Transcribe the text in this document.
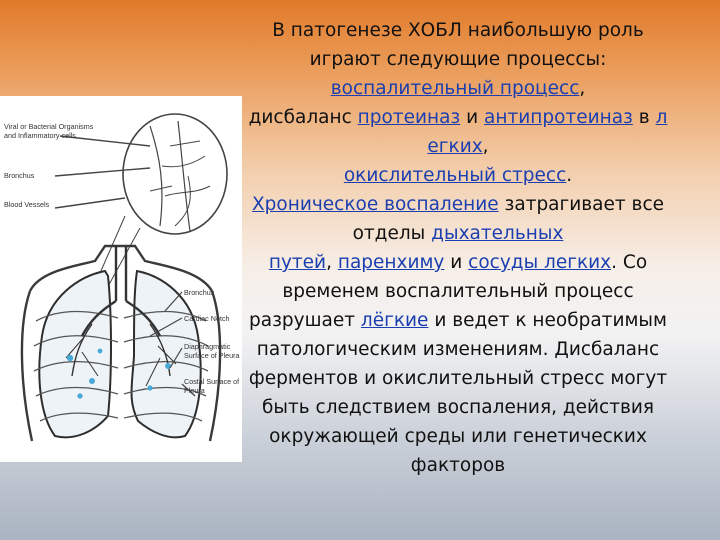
Viral or Bacterial Organisms
and Inflammatory cells
Bronchus
Blood Vessels
Bronchus
Cardiac Notch
Diaphragmatic
Surface of Pleura
Costal Surface of
Pleura
В патогенезе ХОБЛ наибольшую роль
играют следующие процессы:
воспалительный процесс,
дисбаланс протеиназ и антипротеиназ в л
егких,
окислительный стресс.
Хроническое воспаление затрагивает все
отделы дыхательных
путей, паренхиму и сосуды легких. Со
временем воспалительный процесс
разрушает лёгкие и ведет к необратимым
патологическим изменениям. Дисбаланс
ферментов и окислительный стресс могут
быть следствием воспаления, действия
окружающей среды или генетических
факторов
